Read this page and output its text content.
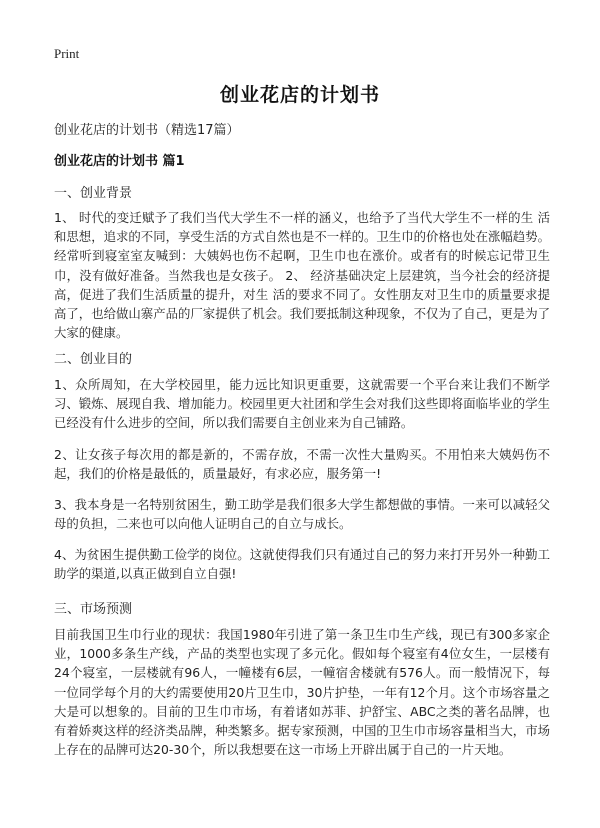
Print
创业花店的计划书
创业花店的计划书（精选17篇）
创业花店的计划书 篇1
一、创业背景
1、 时代的变迁赋予了我们当代大学生不一样的涵义，也给予了当代大学生不一样的生 活和思想，追求的不同，享受生活的方式自然也是不一样的。卫生巾的价格也处在涨幅趋势。经常听到寝室室友喊到：大姨妈也伤不起啊，卫生巾也在涨价。或者有的时候忘记带卫生巾，没有做好准备。当然我也是女孩子。 2、 经济基础决定上层建筑，当今社会的经济提高，促进了我们生活质量的提升，对生 活的要求不同了。女性朋友对卫生巾的质量要求提高了，也给做山寨产品的厂家提供了机会。我们要抵制这种现象，不仅为了自己，更是为了大家的健康。
二、创业目的
1、众所周知，在大学校园里，能力远比知识更重要，这就需要一个平台来让我们不断学习、锻炼、展现自我、增加能力。校园里更大社团和学生会对我们这些即将面临毕业的学生已经没有什么进步的空间，所以我们需要自主创业来为自己铺路。
2、让女孩子每次用的都是新的，不需存放，不需一次性大量购买。不用怕来大姨妈伤不起，我们的价格是最低的，质量最好，有求必应，服务第一!
3、我本身是一名特别贫困生，勤工助学是我们很多大学生都想做的事情。一来可以减轻父母的负担，二来也可以向他人证明自己的自立与成长。
4、为贫困生提供勤工俭学的岗位。这就使得我们只有通过自己的努力来打开另外一种勤工助学的渠道,以真正做到自立自强!
三、市场预测
目前我国卫生巾行业的现状：我国1980年引进了第一条卫生巾生产线，现已有300多家企业，1000多条生产线，产品的类型也实现了多元化。假如每个寝室有4位女生，一层楼有24个寝室，一层楼就有96人，一幢楼有6层，一幢宿舍楼就有576人。而一般情况下，每一位同学每个月的大约需要使用20片卫生巾，30片护垫，一年有12个月。这个市场容量之大是可以想象的。目前的卫生巾市场，有着诸如苏菲、护舒宝、ABC之类的著名品牌，也有着娇爽这样的经济类品牌，种类繁多。据专家预测，中国的卫生巾市场容量相当大，市场上存在的品牌可达20-30个，所以我想要在这一市场上开辟出属于自己的一片天地。
